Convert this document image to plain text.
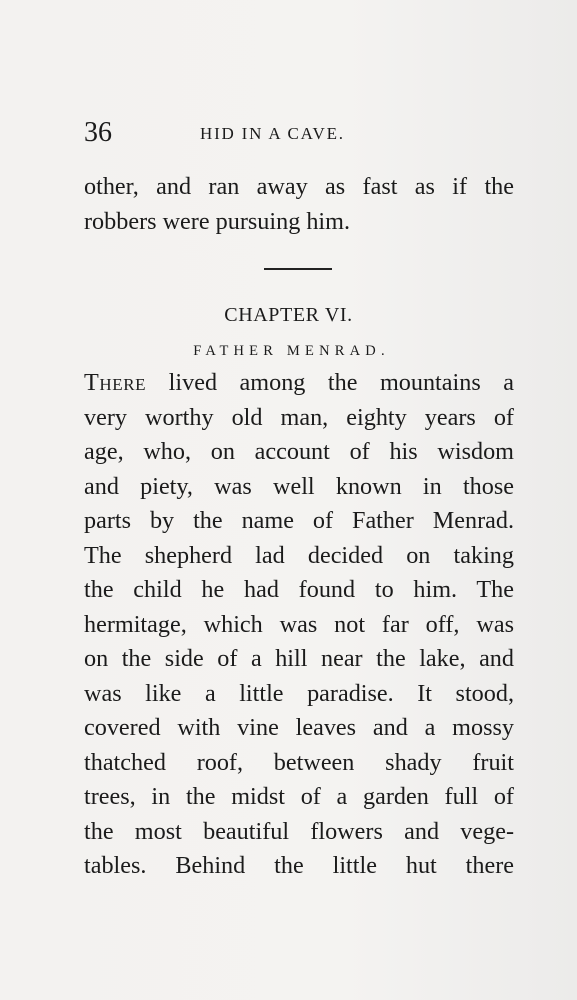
36	HID IN A CAVE.
other, and ran away as fast as if the
robbers were pursuing him.
CHAPTER VI.
FATHER MENRAD.
There lived among the mountains a
very worthy old man, eighty years of
age, who, on account of his wisdom
and piety, was well known in those
parts by the name of Father Menrad.
The shepherd lad decided on taking
the child he had found to him. The
hermitage, which was not far off, was
on the side of a hill near the lake, and
was like a little paradise. It stood,
covered with vine leaves and a mossy
thatched roof, between shady fruit
trees, in the midst of a garden full of
the most beautiful flowers and vege-
tables. Behind the little hut there
